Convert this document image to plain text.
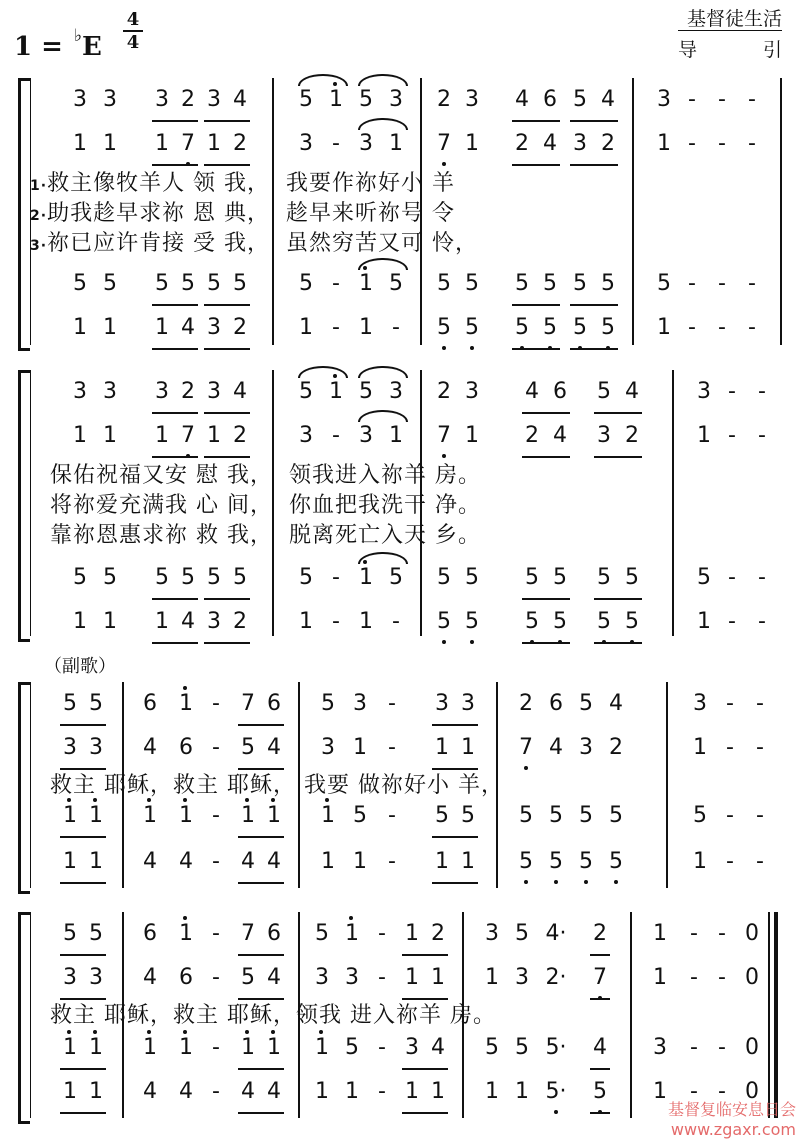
1 = ♭E
4
4
基督徒生活
导	引
3 3 3 2 3 4 5 1 5 3 2 3 4 6 5 4 3 -	-	-
1 1 1 7 1 2 3 - 3 1 7 1 2 4 3 2 1 -	-	-
5 5 5 5 5 5 5 - 1 5 5 5 5 5 5 5 5 -	-	-
1 1 1 4 3 2 1 - 1 -	5 5 5 5 5 5 1 -	-	-
3 3 3 2 3 4 5 1 5 3 2 3 4 6 5 4	3 -	-
1 1 1 7 1 2 3 - 3 1 7 1 2 4 3 2	1 -	-
5 5 5 5 5 5 5 - 1 5 5 5 5 5 5 5	5 -	-
1 1 1 4 3 2 1 - 1 -	5 5 5 5 5 5	1 -	-
5 5 6 1 - 7 6 5 3 -	3 3 2 6 5 4	3 -	-
3 3 4 6 - 5 4 3 1 -	1 1 7 4 3 2	1 -	-
1 1 1 1 - 1 1 1 5 -	5 5 5 5 5 5	5 -	-
1 1 4 4 - 4 4 1 1 -	1 1 5 5 5 5	1 -	-
5 5 6 1 - 7 6 5 1 - 1 2 3 5 4· 2 1	- - 0
3 3 4 6 - 5 4 3 3 - 1 1 1 3 2· 7 1	- - 0
1 1 1 1 - 1 1 1 5 - 3 4 5 5 5· 4 3	- - 0
1 1 4 4 - 4 4 1 1 - 1 1 1 1 5· 5 1	- - 0
1·救主像牧羊人 领 我，  我要作祢好小 羊
2·助我趁早求祢 恩 典，  趁早来听祢号 令
3·祢已应许肯接 受 我，  虽然穷苦又可 怜，
保佑祝福又安 慰 我，  领我进入祢羊 房。
将祢爱充满我 心 间，  你血把我洗干 净。
靠祢恩惠求祢 救 我，  脱离死亡入天 乡。
救主 耶稣，救主 耶稣， 我要 做祢好小 羊，
救主 耶稣，救主 耶稣，领我 进入祢羊 房。
（副歌）
基督复临安息日会
www.zgaxr.com
